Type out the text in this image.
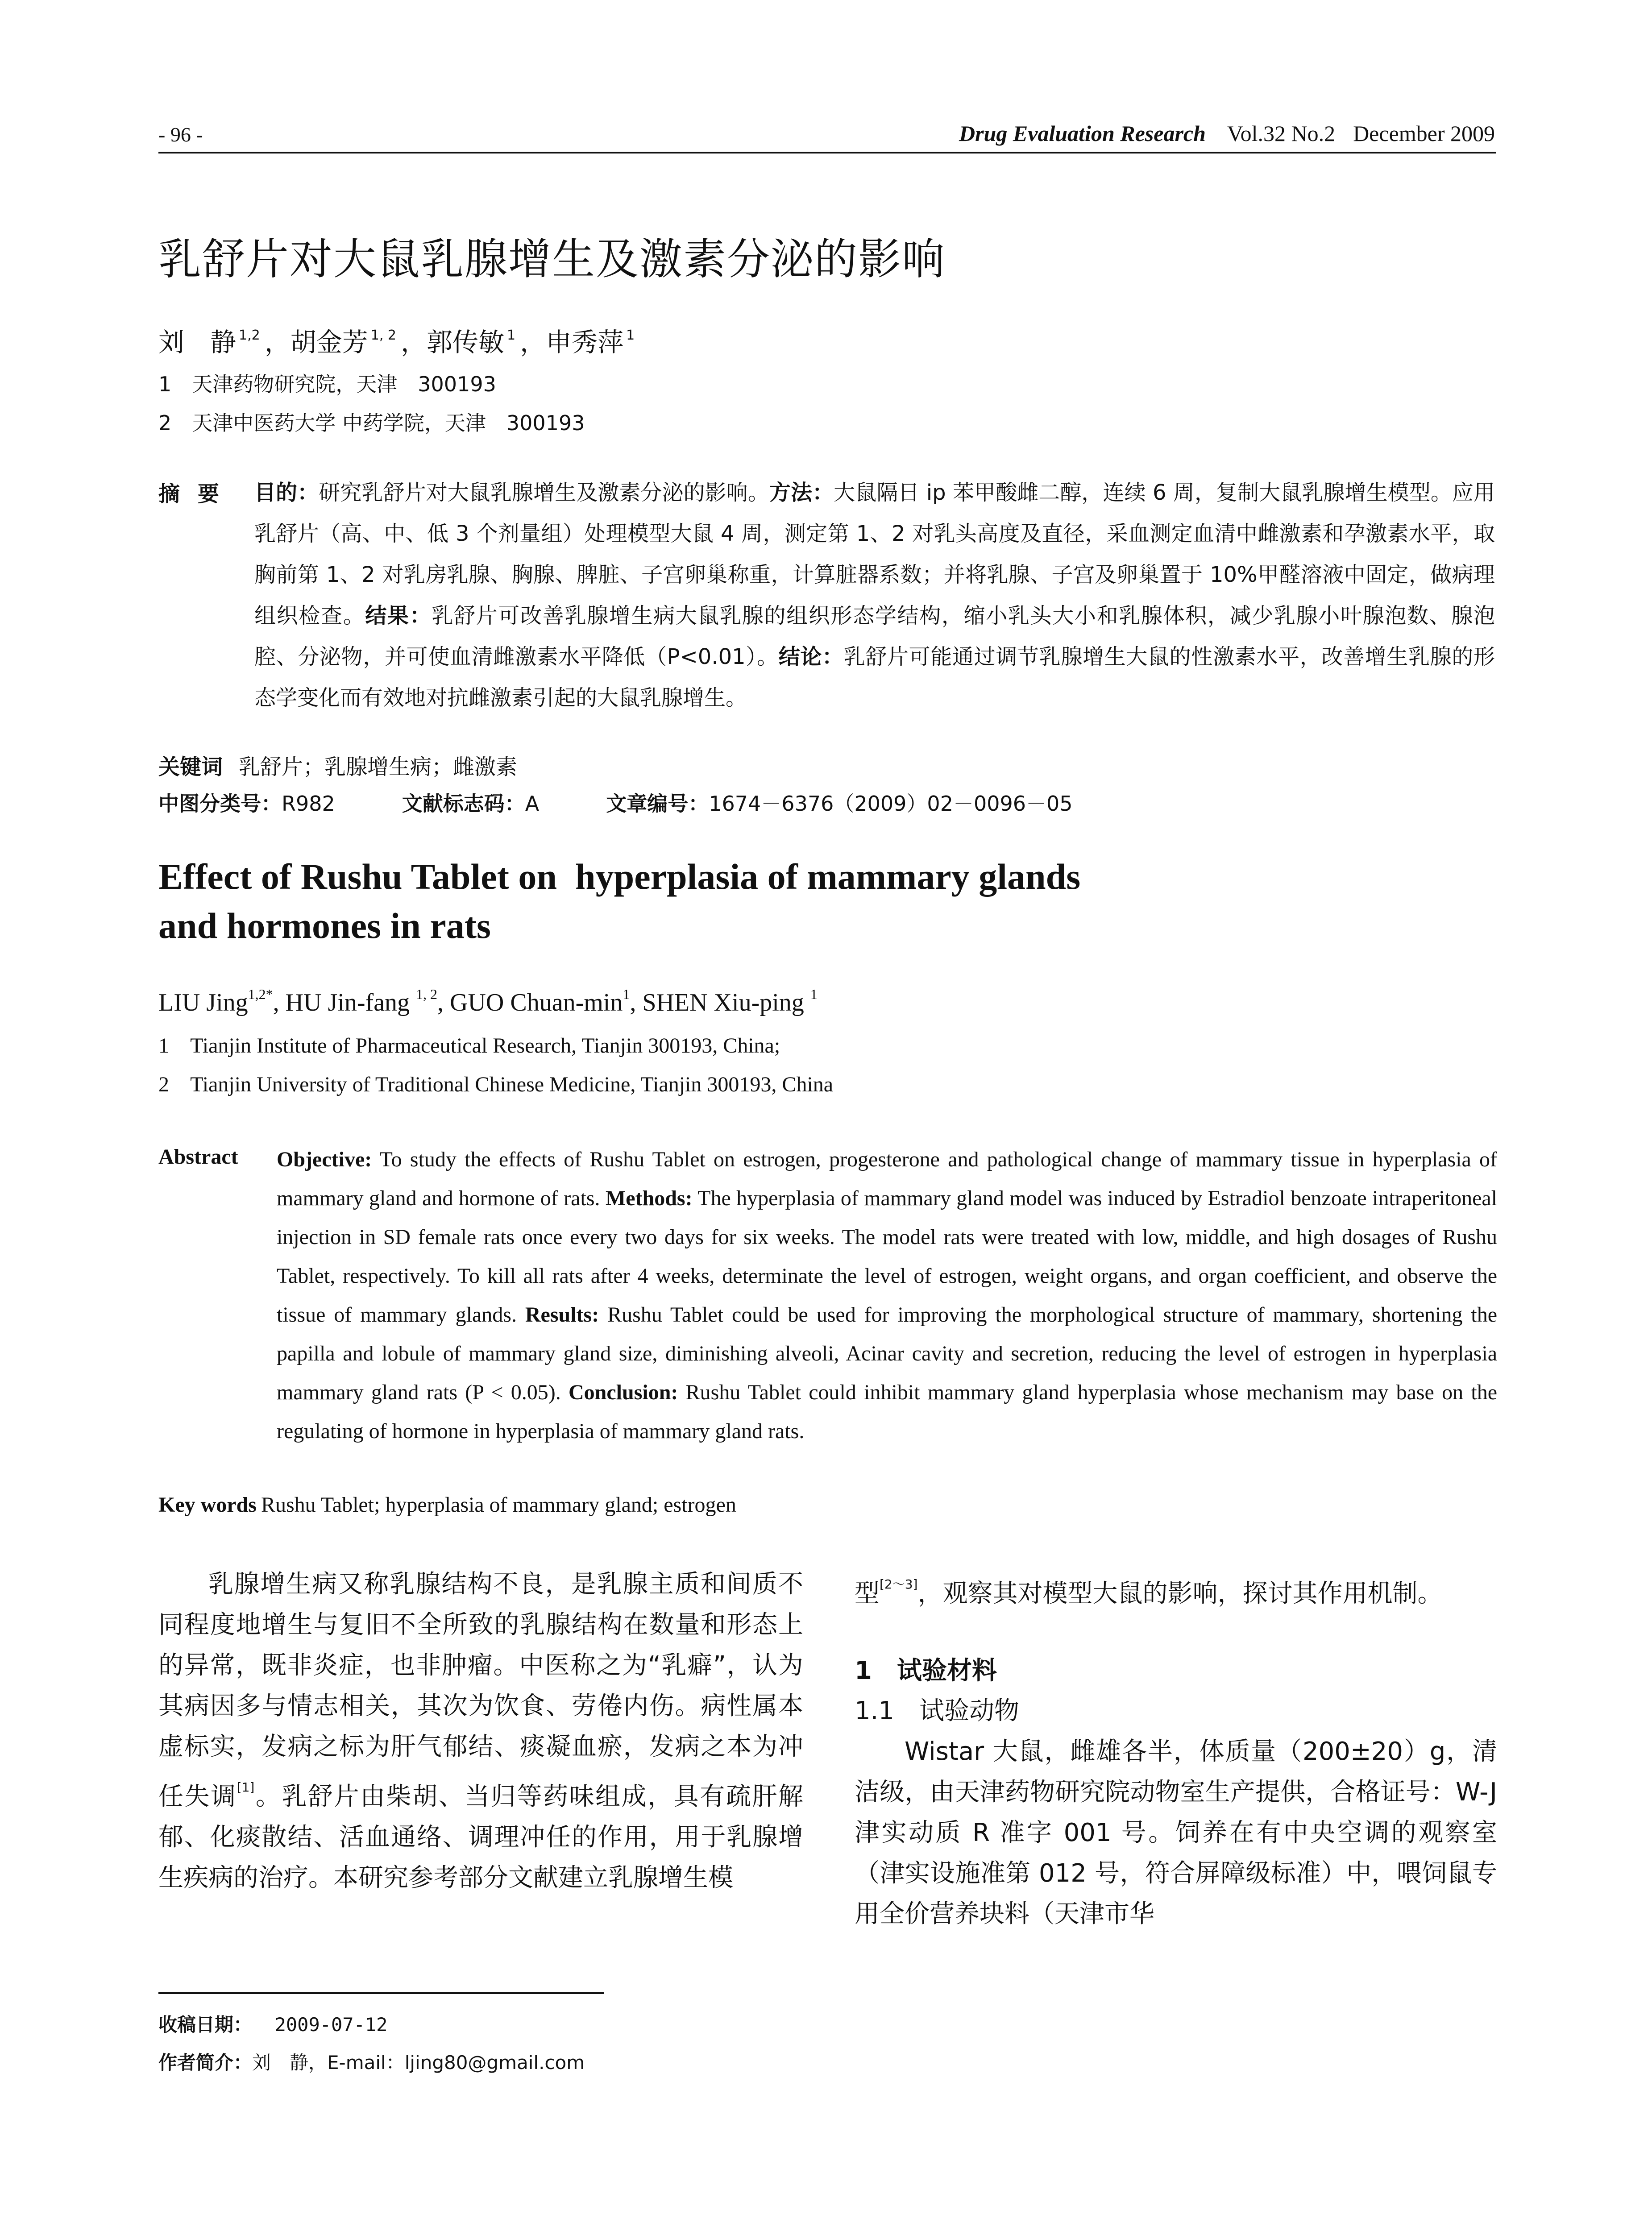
- 96 -	Drug Evaluation Research Vol.32 No.2 December 2009
乳舒片对大鼠乳腺增生及激素分泌的影响
刘　静 $^{1,2}$ ，胡金芳 $^{1, 2}$ ，郭传敏 $^1$ ，申秀萍 $^1$
1　天津药物研究院，天津　300193
2　天津中医药大学 中药学院，天津　300193
摘要 目的：研究乳舒片对大鼠乳腺增生及激素分泌的影响。方法：大鼠隔日 ip 苯甲酸雌二醇，连续 6 周，复制大鼠乳腺增生模型。应用乳舒片（高、中、低 3 个剂量组）处理模型大鼠 4 周，测定第 1、2 对乳头高度及直径，采血测定血清中雌激素和孕激素水平，取胸前第 1、2 对乳房乳腺、胸腺、脾脏、子宫卵巢称重，计算脏器系数；并将乳腺、子宫及卵巢置于 10%甲醛溶液中固定，做病理组织检查。结果：乳舒片可改善乳腺增生病大鼠乳腺的组织形态学结构，缩小乳头大小和乳腺体积，减少乳腺小叶腺泡数、腺泡腔、分泌物，并可使血清雌激素水平降低（P<0.01）。结论：乳舒片可能通过调节乳腺增生大鼠的性激素水平，改善增生乳腺的形态学变化而有效地对抗雌激素引起的大鼠乳腺增生。
关键词 乳舒片；乳腺增生病；雌激素
中图分类号：R982	文献标志码：A	文章编号：1674－6376（2009）02－0096－05
Effect of Rushu Tablet on  hyperplasia of mammary glands
and hormones in rats
LIU Jing$^{1,2*}$, HU Jin-fang $^{1, 2}$, GUO Chuan-$\min^1$, SHEN Xiu-ping $^1$
1    Tianjin Institute of Pharmaceutical Research, Tianjin 300193, China;
2    Tianjin University of Traditional Chinese Medicine, Tianjin 300193, China
Abstract Objective: To study the effects of Rushu Tablet on estrogen, progesterone and pathological change of mammary tissue in hyperplasia of mammary gland and hormone of rats. Methods: The hyperplasia of mammary gland model was induced by Estradiol benzoate intraperitoneal injection in SD female rats once every two days for six weeks. The model rats were treated with low, middle, and high dosages of Rushu Tablet, respectively. To kill all rats after 4 weeks, determinate the level of estrogen, weight organs, and organ coefficient, and observe the tissue of mammary glands. Results: Rushu Tablet could be used for improving the morphological structure of mammary, shortening the papilla and lobule of mammary gland size, diminishing alveoli, Acinar cavity and secretion, reducing the level of estrogen in hyperplasia mammary gland rats (P < 0.05). Conclusion: Rushu Tablet could inhibit mammary gland hyperplasia whose mechanism may base on the regulating of hormone in hyperplasia of mammary gland rats.
Key words Rushu Tablet; hyperplasia of mammary gland; estrogen
乳腺增生病又称乳腺结构不良，是乳腺主质和间质不同程度地增生与复旧不全所致的乳腺结构在数量和形态上的异常，既非炎症，也非肿瘤。中医称之为“乳癖”，认为其病因多与情志相关，其次为饮食、劳倦内伤。病性属本虚标实，发病之标为肝气郁结、痰凝血瘀，发病之本为冲任失调[1]。乳舒片由柴胡、当归等药味组成，具有疏肝解郁、化痰散结、活血通络、调理冲任的作用，用于乳腺增生疾病的治疗。本研究参考部分文献建立乳腺增生模
型[2～3]，观察其对模型大鼠的影响，探讨其作用机制。
1　试验材料
1.1　试验动物
Wistar 大鼠，雌雄各半，体质量（200±20）g，清洁级，由天津药物研究院动物室生产提供，合格证号：W-J 津实动质 R 准字 001 号。饲养在有中央空调的观察室（津实设施准第 012 号，符合屏障级标准）中，喂饲鼠专用全价营养块料（天津市华
收稿日期：  2009-07-12
作者简介：刘　静，E-mail：ljing80@gmail.com
